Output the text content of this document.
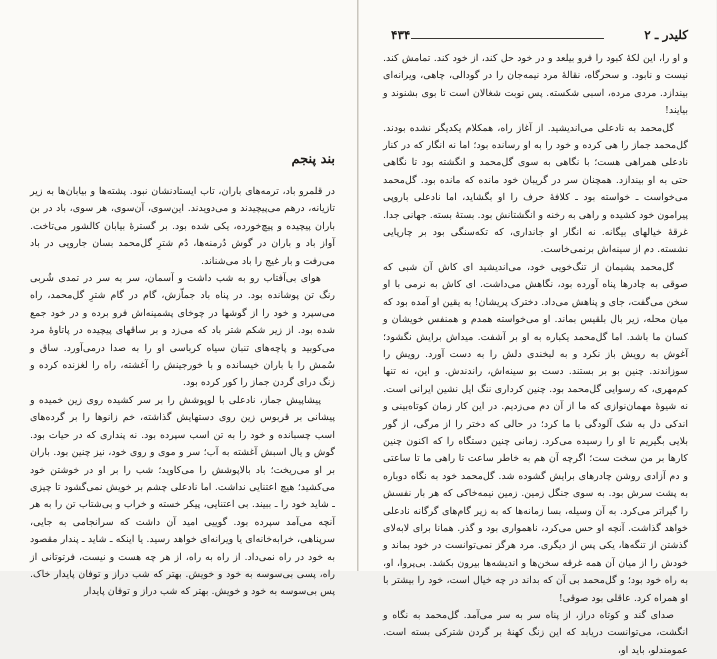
بند پنجم

در قلمرو باد، ترمه‌های باران، تاب ایستادنشان نبود. پشته‌ها و بیابان‌ها به زیر تازیانه، درهم می‌پیچیدند و می‌دویدند. این‌سوی، آن‌سوی، هر سوی، باد در بن باران پیچیده و پیچ‌خورده، یکی شده بود. بر گسترهٔ بیابان کالشور می‌تاخت. آواز باد و باران در گوش دُرمنه‌ها، دُم شترِ گل‌محمد بسان جارویی در باد می‌رفت و بار غیج را باد می‌شناند.

هوای بی‌آفتاب رو به شب داشت و آسمان، سر به سر در تمدی شُربی رنگ تن پوشانده بود. در پناه باد جماّزش، گام در گام شترِ گل‌محمد، راه می‌سپرد و خود را از گوشها در چوخای پشمینه‌اش فرو برده و در خود جمع شده بود. از زیر شکم شتر باد که می‌زد و بر ساقهای پیچیده در پاتاوهٔ مرد می‌کوبید و پاچه‌های تنبان سیاه کرباسی او را به صدا درمی‌آورد. ساق و سُمش را با باران خیسانده و با خورجینش را آغشته، راه را لغزنده کرده و زنگ درای گردن جماز را کور کرده بود.

پیشاپیش جماز، نادعلی با لوپوشش را بر سر کشیده روی زین خمیده و پیشانی بر قربوس زین روی دستهایش گذاشته، خم زانوها را بر گرده‌های اسب چسبانده و خود را به تن اسب سپرده بود. نه پنداری که در حیات بود. گوش و یال اسبش آغشته به آب؛ سر و موی و روی خود، نیز چنین بود. باران بر او می‌ریخت؛ باد بالاپوشش را می‌کاوید؛ شب را بر او در خوشتن خود می‌کشید؛ هیچ اعتنایی نداشت. اما نادعلی چشم بر خویش نمی‌گشود تا چیزی ـ شاید خود را ـ ببیند. بی اعتنایی، پیکر خسته و خراب و بی‌شتاب تن را به هر آنچه می‌آمد سپرده بود. گوییی امید آن داشت که سرانجامی به جایی، سرپناهی، خرابه‌خانه‌ای یا ویرانه‌ای خواهد رسید. یا اینکه ـ شاید ـ پندار مقصود به خود در راه نمی‌داد. از راه به راه، از هر چه هست و نیست، فرتوتانی از راه، پسی ‌بی‌سوسه به خود و خویش. بهتر که شب دراز و توفان پایدار خاک. پس بی‌سوسه به خود و خویش. بهتر که شب دراز و توفان پایدار

۴۳۴	کلیدر ـ ۲

و او را، این لکهٔ کبود را فرو بیلعد و در خود حل کند، از خود کند. تمامش کند. نیست و نابود. و سحرگاه، نقالهٔ مرد نیمه‌جان را در گودالی، چاهی، ویرانه‌ای بیندازد. مردی مرده، اسبی شکسته. پس نوبت شغالان است تا بوی بشنوند و بیایند!

گل‌محمد به نادعلی می‌اندیشید. از آغاز راه، همکلام یکدیگر نشده بودند. گل‌محمد جماز را هی کرده و خود را به او رسانده بود؛ اما نه انگار که در کنار نادعلی همراهی هست؛ با نگاهی به سوی گل‌محمد و انگشته بود تا نگاهی حتی به او بیندازد. همچنان سر در گریبان خود مانده که مانده بود. گل‌محمد می‌خواست ـ خواسته بود ـ کلافهٔ حرف را او بگشاید، اما نادعلی باروپی پیرامون خود کشیده و راهی به رخنه و انگشتانش بود. بستهٔ بسته. جهانی جدا. غرقهٔ خیالهای بیگانه. نه انگار او جانداری، که تکه‌سنگی بود بر چارپایی نشسته. دم از سینه‌اش برنمی‌خاست.

گل‌محمد پشیمان از تنگ‌خویی خود، می‌اندیشید ای کاش آن شبی که صوقی به چادرها پناه آورده بود، نگاهش می‌داشت. ای کاش به نرمی با او سخن می‌گفت، جای و پناهش می‌داد. دخترک پریشان! به یقین او آمده بود که میان محله، زیر بال بلقیس بماند. او می‌خواسته همدم و همنفس خویشان و کسان ما باشد. اما گل‌محمد یکباره به او بر آشفت. میداش برایش نگشود؛ آغوش به رویش باز نکرد و به لبخندی دلش را به دست آورد. رویش را سوزاندند. چنین بو بر بستند. دست بو سینه‌اش، راندندش. و این، نه تنها کم‌مهری، که رسوایی گل‌محمد بود. چنین کرداری ننگ ایل نشین ایرانی است. نه شیوهٔ مهمان‌نوازی که ما از آن دم می‌زدیم. در این کار زمان کوتاه‌بینی و اندکی دل به شک آلودگی با ما کرد؛ در حالی که دختر را از مرگی، از گور بلایی بگیریم تا او را رسیده می‌کرد. زمانی چنین دستگاه را که اکنون چنین کارها بر من سخت ست؛ اگرچه آن هم به خاطر ساعت تا راهی ما تا ساعتی و دم آزادی روشن چادرهای برایش گشوده شد. گل‌محمد خود به نگاه دوباره به پشت سرش بود. به سوی جنگل زمین. زمین نیمه‌خاکی که هر بار نفسش را گیراتر می‌کرد. به آن وسیله، بسا زمانه‌ها که به زیر گام‌های گرگانه نادعلی خواهد گذاشت. آنچه او حس می‌کرد، ناهمواری بود و گذر. همانا برای لابه‌لای گذشتن از تنگه‌ها، یکی پس از دیگری. مرد هرگز نمی‌توانست در خود بماند و خودش را از میان آن همه غرقه سخن‌ها و اندیشه‌ها بیرون بکشد. بی‌پروا، او، به راه خود بود؛ و گل‌محمد بی آن که بداند در چه خیال است، خود را بیشتر با او همراه کرد. عاقلی بود صوقی!

صدای گند و کوتاه دراز، از پناه سر به سر می‌آمد. گل‌محمد به نگاه و انگشت، می‌توانست دریابد که این زنگ کهنهٔ بر گردن شترکی بسته است. عمومندلو، باید او،
